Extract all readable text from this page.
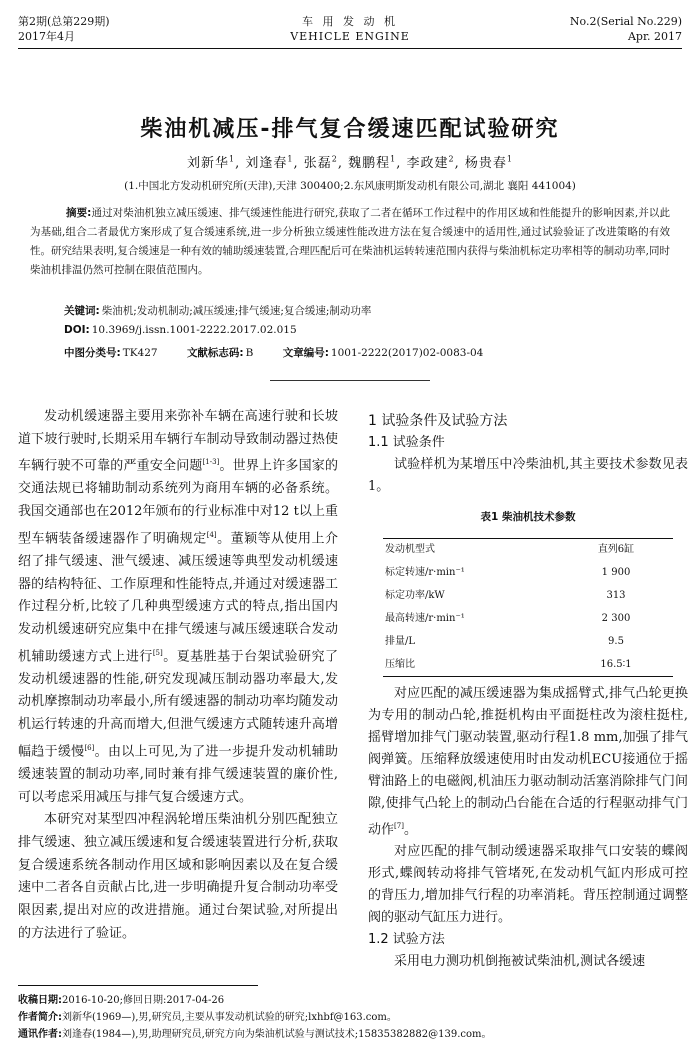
第2期(总第229期)
2017年4月
车 用 发 动 机
VEHICLE ENGINE
No.2(Serial No.229)
Apr. 2017
柴油机减压-排气复合缓速匹配试验研究
刘新华$^1$, 刘逢春$^1$, 张磊$^2$, 魏鹏程$^1$, 李政建$^2$, 杨贵春$^1$
(1.中国北方发动机研究所(天津),天津 300400;2.东风康明斯发动机有限公司,湖北 襄阳 441004)
摘要:通过对柴油机独立减压缓速、排气缓速性能进行研究,获取了二者在循环工作过程中的作用区域和性能提升的影响因素,并以此为基础,组合二者最优方案形成了复合缓速系统,进一步分析独立缓速性能改进方法在复合缓速中的适用性,通过试验验证了改进策略的有效性。研究结果表明,复合缓速是一种有效的辅助缓速装置,合理匹配后可在柴油机运转转速范围内获得与柴油机标定功率相等的制动功率,同时柴油机排温仍然可控制在限值范围内。
关键词: 柴油机;发动机制动;减压缓速;排气缓速;复合缓速;制动功率
DOI: 10.3969/j.issn.1001-2222.2017.02.015
中图分类号: TK427	文献标志码: B	文章编号: 1001-2222(2017)02-0083-04

发动机缓速器主要用来弥补车辆在高速行驶和长坡道下坡行驶时,长期采用车辆行车制动导致制动器过热使车辆行驶不可靠的严重安全问题[1-3]。世界上许多国家的交通法规已将辅助制动系统列为商用车辆的必备系统。我国交通部也在2012年颁布的行业标准中对12 t以上重型车辆装备缓速器作了明确规定[4]。董颖等从使用上介绍了排气缓速、泄气缓速、减压缓速等典型发动机缓速器的结构特征、工作原理和性能特点,并通过对缓速器工作过程分析,比较了几种典型缓速方式的特点,指出国内发动机缓速研究应集中在排气缓速与减压缓速联合发动机辅助缓速方式上进行[5]。夏基胜基于台架试验研究了发动机缓速器的性能,研究发现减压制动器功率最大,发动机摩擦制动功率最小,所有缓速器的制动功率均随发动机运行转速的升高而增大,但泄气缓速方式随转速升高增幅趋于缓慢[6]。由以上可见,为了进一步提升发动机辅助缓速装置的制动功率,同时兼有排气缓速装置的廉价性,可以考虑采用减压与排气复合缓速方式。

本研究对某型四冲程涡轮增压柴油机分别匹配独立排气缓速、独立减压缓速和复合缓速装置进行分析,获取复合缓速系统各制动作用区域和影响因素以及在复合缓速中二者各自贡献占比,进一步明确提升复合制动功率受限因素,提出对应的改进措施。通过台架试验,对所提出的方法进行了验证。

1 试验条件及试验方法
1.1 试验条件

试验样机为某增压中冷柴油机,其主要技术参数见表1。

表1 柴油机技术参数
发动机型式	直列6缸
标定转速/r·min⁻¹	1 900
标定功率/kW	313
最高转速/r·min⁻¹	2 300
排量/L	9.5
压缩比	16.5∶1

对应匹配的减压缓速器为集成摇臂式,排气凸轮更换为专用的制动凸轮,推挺机构由平面挺柱改为滚柱挺柱,摇臂增加排气门驱动装置,驱动行程1.8 mm,加强了排气阀弹簧。压缩释放缓速使用时由发动机ECU接通位于摇臂油路上的电磁阀,机油压力驱动制动活塞消除排气门间隙,使排气凸轮上的制动凸台能在合适的行程驱动排气门动作[7]。

对应匹配的排气制动缓速器采取排气口安装的蝶阀形式,蝶阀转动将排气管堵死,在发动机气缸内形成可控的背压力,增加排气行程的功率消耗。背压控制通过调整阀的驱动气缸压力进行。

1.2 试验方法

采用电力测功机倒拖被试柴油机,测试各缓速

收稿日期:2016-10-20;修回日期:2017-04-26
作者简介:刘新华(1969—),男,研究员,主要从事发动机试验的研究;lxhbf@163.com。
通讯作者:刘逢春(1984—),男,助理研究员,研究方向为柴油机试验与测试技术;15835382882@139.com。
